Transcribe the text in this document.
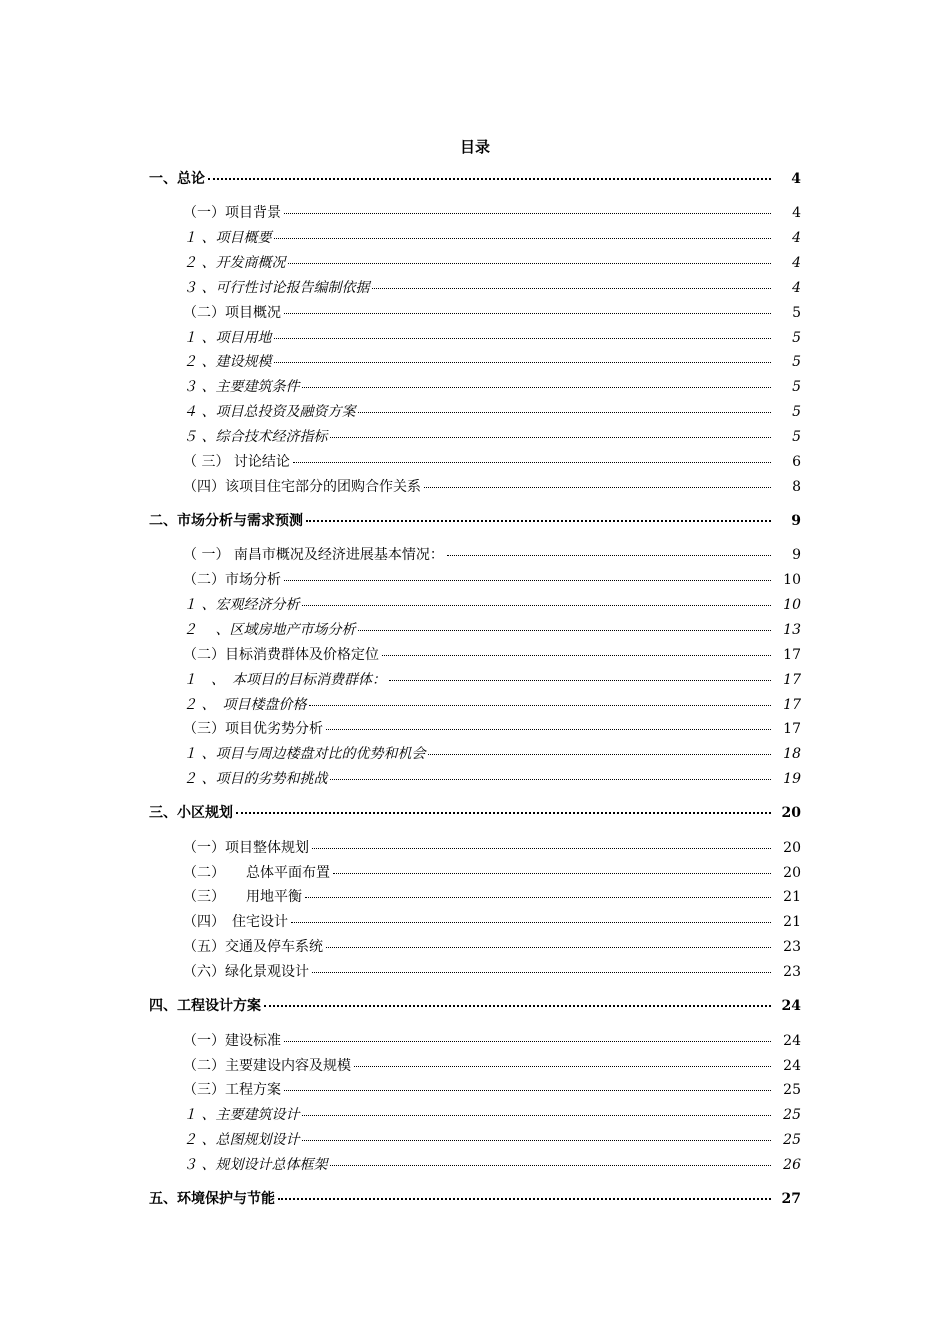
目录
一、总论	4
（一）项目背景	4
１ 、项目概要	4
２ 、开发商概况	4
３ 、可行性讨论报告编制依据	4
（二）项目概况	5
１ 、项目用地	5
２ 、建设规模	5
３ 、主要建筑条件	5
４ 、项目总投资及融资方案	5
５ 、综合技术经济指标	5
（ 三） 讨论结论	6
（四）该项目住宅部分的团购合作关系	8
二、市场分析与需求预测	9
（ 一） 南昌市概况及经济进展基本情况：	9
（二）市场分析	10
１ 、宏观经济分析	10
２　 、区域房地产市场分析	13
（二）目标消费群体及价格定位	17
１　、　本项目的目标消费群体：	17
２ 、　项目楼盘价格	17
（三）项目优劣势分析	17
１ 、项目与周边楼盘对比的优势和机会	18
２ 、项目的劣势和挑战	19
三、小区规划	20
（一）项目整体规划	20
（二）　　总体平面布置	20
（三）　　用地平衡	21
（四）　住宅设计	21
（五）交通及停车系统	23
（六）绿化景观设计	23
四、工程设计方案	24
（一）建设标准	24
（二）主要建设内容及规模	24
（三）工程方案	25
１ 、主要建筑设计	25
２ 、总图规划设计	25
３ 、规划设计总体框架	26
五、环境保护与节能	27
